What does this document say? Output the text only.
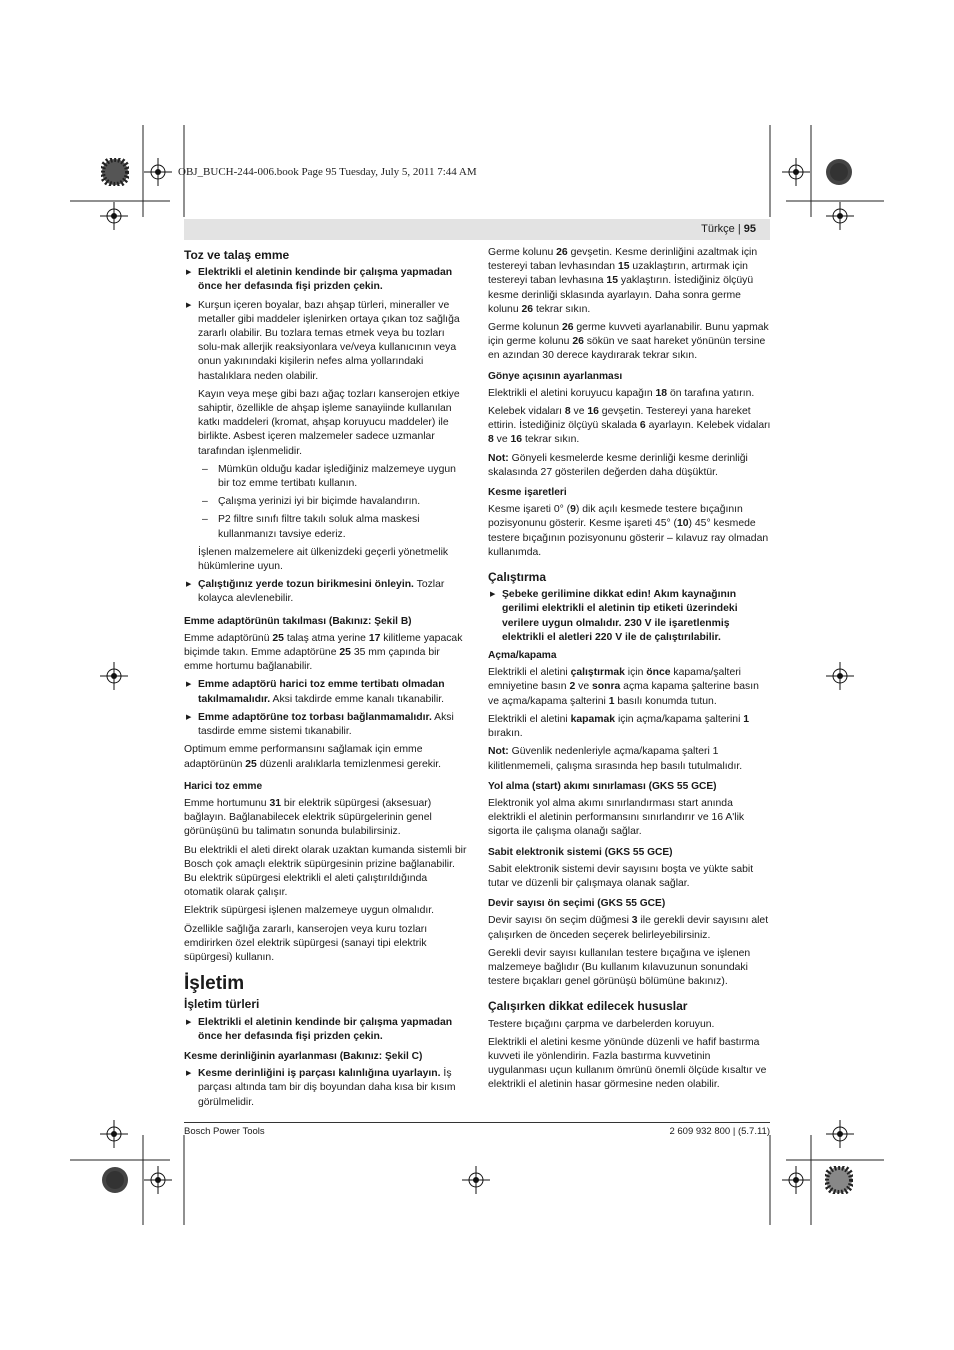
OBJ_BUCH-244-006.book Page 95 Tuesday, July 5, 2011 7:44 AM
Türkçe | 95
Toz ve talaş emme

▶ Elektrikli el aletinin kendinde bir çalışma yapmadan önce her defasında fişi prizden çekin.

▶ Kurşun içeren boyalar, bazı ahşap türleri, mineraller ve metaller gibi maddeler işlenirken ortaya çıkan toz sağlığa zararlı olabilir. Bu tozlara temas etmek veya bu tozları solu-mak allerjik reaksiyonlara ve/veya kullanıcının veya onun yakınındaki kişilerin nefes alma yollarındaki hastalıklara neden olabilir.

Kayın veya meşe gibi bazı ağaç tozları kanserojen etkiye sahiptir, özellikle de ahşap işleme sanayiinde kullanılan katkı maddeleri (kromat, ahşap koruyucu maddeler) ile birlikte. Asbest içeren malzemeler sadece uzmanlar tarafından işlenmelidir.

– Mümkün olduğu kadar işlediğiniz malzemeye uygun bir toz emme tertibatı kullanın.

– Çalışma yerinizi iyi bir biçimde havalandırın.

– P2 filtre sınıfı filtre takılı soluk alma maskesi kullanmanızı tavsiye ederiz.

İşlenen malzemelere ait ülkenizdeki geçerli yönetmelik hükümlerine uyun.

▶ Çalıştığınız yerde tozun birikmesini önleyin. Tozlar kolayca alevlenebilir.

Emme adaptörünün takılması (Bakınız: Şekil B)

Emme adaptörünü 25 talaş atma yerine 17 kilitleme yapacak biçimde takın. Emme adaptörüne 25 35 mm çapında bir emme hortumu bağlanabilir.

▶ Emme adaptörü harici toz emme tertibatı olmadan takılmamalıdır. Aksi takdirde emme kanalı tıkanabilir.

▶ Emme adaptörüne toz torbası bağlanmamalıdır. Aksi tasdirde emme sistemi tıkanabilir.

Optimum emme performansını sağlamak için emme adaptörünün 25 düzenli aralıklarla temizlenmesi gerekir.

Harici toz emme

Emme hortumunu 31 bir elektrik süpürgesi (aksesuar) bağlayın. Bağlanabilecek elektrik süpürgelerinin genel görünüşünü bu talimatın sonunda bulabilirsiniz.

Bu elektrikli el aleti direkt olarak uzaktan kumanda sistemli bir Bosch çok amaçlı elektrik süpürgesinin prizine bağlanabilir. Bu elektrik süpürgesi elektrikli el aleti çalıştırıldığında otomatik olarak çalışır.

Elektrik süpürgesi işlenen malzemeye uygun olmalıdır.

Özellikle sağlığa zararlı, kanserojen veya kuru tozları emdirirken özel elektrik süpürgesi (sanayi tipi elektrik süpürgesi) kullanın.

İşletim
İşletim türleri

▶ Elektrikli el aletinin kendinde bir çalışma yapmadan önce her defasında fişi prizden çekin.

Kesme derinliğinin ayarlanması (Bakınız: Şekil C)

▶ Kesme derinliğini iş parçası kalınlığına uyarlayın. İş parçası altında tam bir diş boyundan daha kısa bir kısım görülmelidir.

Germe kolunu 26 gevşetin. Kesme derinliğini azaltmak için testereyi taban levhasından 15 uzaklaştırın, artırmak için testereyi taban levhasına 15 yaklaştırın. İstediğiniz ölçüyü kesme derinliği sklasında ayarlayın. Daha sonra germe kolunu 26 tekrar sıkın.

Germe kolunun 26 germe kuvveti ayarlanabilir. Bunu yapmak için germe kolunu 26 sökün ve saat hareket yönünün tersine en azından 30 derece kaydırarak tekrar sıkın.

Gönye açısının ayarlanması

Elektrikli el aletini koruyucu kapağın 18 ön tarafına yatırın.

Kelebek vidaları 8 ve 16 gevşetin. Testereyi yana hareket ettirin. İstediğiniz ölçüyü skalada 6 ayarlayın. Kelebek vidaları 8 ve 16 tekrar sıkın.

Not: Gönyeli kesmelerde kesme derinliği kesme derinliği skalasında 27 gösterilen değerden daha düşüktür.

Kesme işaretleri

Kesme işareti 0° (9) dik açılı kesmede testere bıçağının pozisyonunu gösterir. Kesme işareti 45° (10) 45° kesmede testere bıçağının pozisyonunu gösterir – kılavuz ray olmadan kullanımda.

Çalıştırma

▶ Şebeke gerilimine dikkat edin! Akım kaynağının gerilimi elektrikli el aletinin tip etiketi üzerindeki verilere uygun olmalıdır. 230 V ile işaretlenmiş elektrikli el aletleri 220 V ile de çalıştırılabilir.

Açma/kapama

Elektrikli el aletini çalıştırmak için önce kapama/şalteri emniyetine basın 2 ve sonra açma kapama şalterine basın ve açma/kapama şalterini 1 basılı konumda tutun.

Elektrikli el aletini kapamak için açma/kapama şalterini 1 bırakın.

Not: Güvenlik nedenleriyle açma/kapama şalteri 1 kilitlenmemeli, çalışma sırasında hep basılı tutulmalıdır.

Yol alma (start) akımı sınırlaması (GKS 55 GCE)

Elektronik yol alma akımı sınırlandırması start anında elektrikli el aletinin performansını sınırlandırır ve 16 A'lik sigorta ile çalışma olanağı sağlar.

Sabit elektronik sistemi (GKS 55 GCE)

Sabit elektronik sistemi devir sayısını boşta ve yükte sabit tutar ve düzenli bir çalışmaya olanak sağlar.

Devir sayısı ön seçimi (GKS 55 GCE)

Devir sayısı ön seçim düğmesi 3 ile gerekli devir sayısını alet çalışırken de önceden seçerek belirleyebilirsiniz.

Gerekli devir sayısı kullanılan testere bıçağına ve işlenen malzemeye bağlıdır (Bu kullanım kılavuzunun sonundaki testere bıçakları genel görünüşü bölümüne bakınız).

Çalışırken dikkat edilecek hususlar

Testere bıçağını çarpma ve darbelerden koruyun.

Elektrikli el aletini kesme yönünde düzenli ve hafif bastırma kuvveti ile yönlendirin. Fazla bastırma kuvvetinin uygulanması uçun kullanım ömrünü önemli ölçüde kısaltır ve elektrikli el aletinin hasar görmesine neden olabilir.

Bosch Power Tools	2 609 932 800 | (5.7.11)
